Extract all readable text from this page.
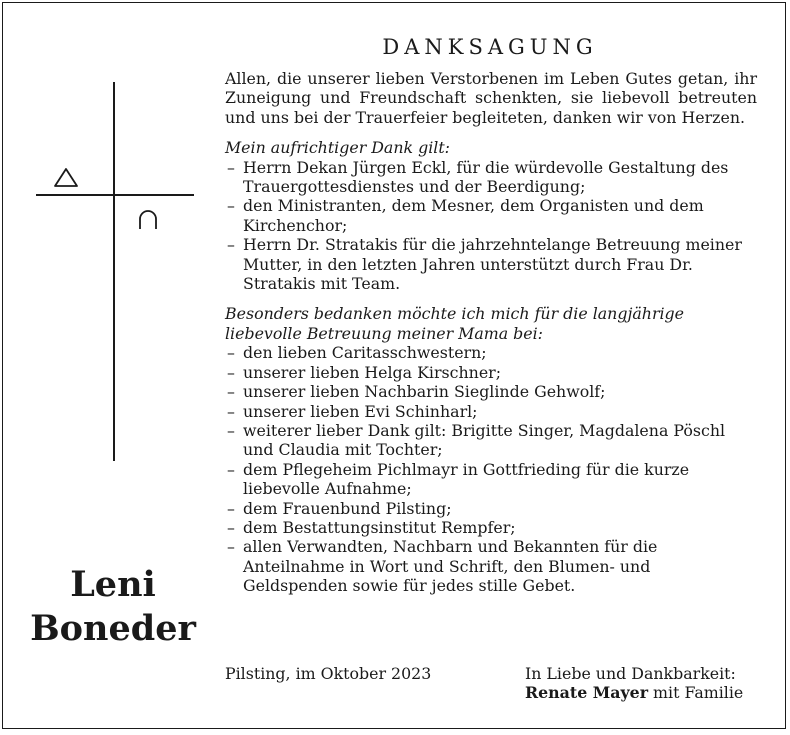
Leni
Boneder
DANKSAGUNG

Allen, die unserer lieben Verstorbenen im Leben Gutes getan, ihr Zuneigung und Freundschaft schenkten, sie liebevoll betreuten und uns bei der Trauerfeier begleiteten, danken wir von Herzen.

Mein aufrichtiger Dank gilt:

– Herrn Dekan Jürgen Eckl, für die würdevolle Gestaltung des Trauergottesdienstes und der Beerdigung;
– den Ministranten, dem Mesner, dem Organisten und dem Kirchenchor;
– Herrn Dr. Stratakis für die jahrzehntelange Betreuung meiner Mutter, in den letzten Jahren unterstützt durch Frau Dr. Stratakis mit Team.

Besonders bedanken möchte ich mich für die langjährige liebevolle Betreuung meiner Mama bei:

– den lieben Caritasschwestern;
– unserer lieben Helga Kirschner;
– unserer lieben Nachbarin Sieglinde Gehwolf;
– unserer lieben Evi Schinharl;
– weiterer lieber Dank gilt: Brigitte Singer, Magdalena Pöschl und Claudia mit Tochter;
– dem Pflegeheim Pichlmayr in Gottfrieding für die kurze liebevolle Aufnahme;
– dem Frauenbund Pilsting;
– dem Bestattungsinstitut Rempfer;
– allen Verwandten, Nachbarn und Bekannten für die Anteilnahme in Wort und Schrift, den Blumen- und Geldspenden sowie für jedes stille Gebet.
Pilsting, im Oktober 2023	In Liebe und Dankbarkeit:
Renate Mayer mit Familie
